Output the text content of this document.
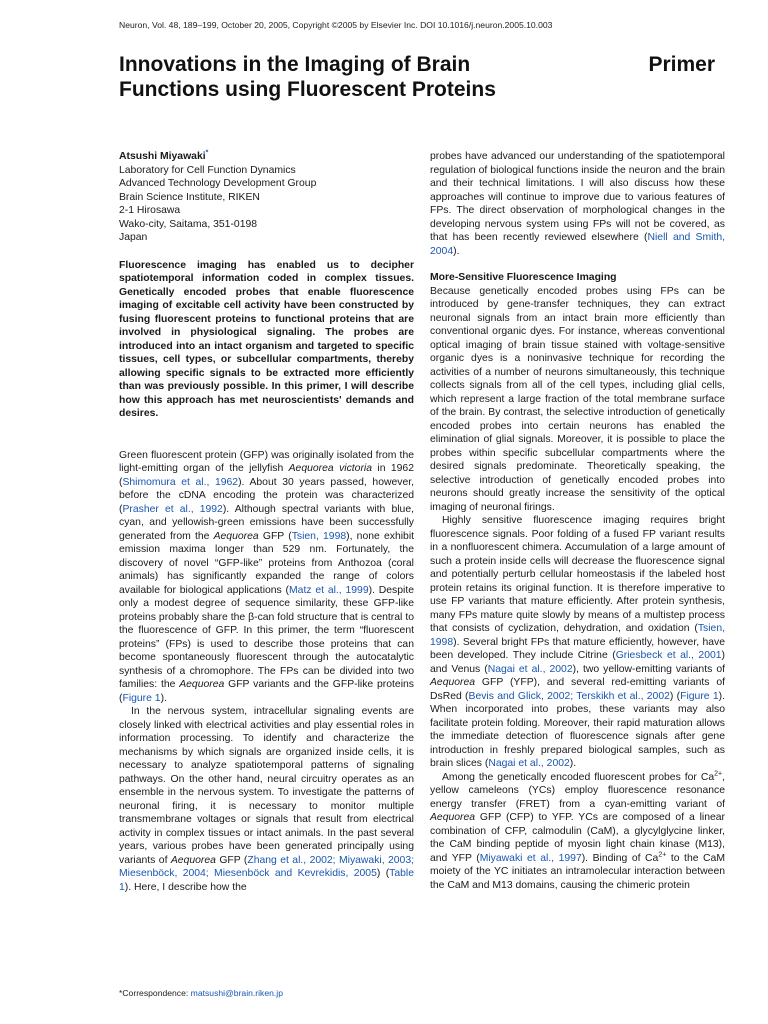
Neuron, Vol. 48, 189–199, October 20, 2005, Copyright ©2005 by Elsevier Inc. DOI 10.1016/j.neuron.2005.10.003
Innovations in the Imaging of Brain
Functions using Fluorescent Proteins
Primer

Atsushi Miyawaki*

Laboratory for Cell Function Dynamics

Advanced Technology Development Group

Brain Science Institute, RIKEN

2-1 Hirosawa

Wako-city, Saitama, 351-0198

Japan

Fluorescence imaging has enabled us to decipher spatiotemporal information coded in complex tissues. Genetically encoded probes that enable fluorescence imaging of excitable cell activity have been constructed by fusing fluorescent proteins to functional proteins that are involved in physiological signaling. The probes are introduced into an intact organism and targeted to specific tissues, cell types, or subcellular compartments, thereby allowing specific signals to be extracted more efficiently than was previously possible. In this primer, I will describe how this approach has met neuroscientists' demands and desires.

Green fluorescent protein (GFP) was originally isolated from the light-emitting organ of the jellyfish Aequorea victoria in 1962 (Shimomura et al., 1962). About 30 years passed, however, before the cDNA encoding the protein was characterized (Prasher et al., 1992). Although spectral variants with blue, cyan, and yellowish-green emissions have been successfully generated from the Aequorea GFP (Tsien, 1998), none exhibit emission maxima longer than 529 nm. Fortunately, the discovery of novel “GFP-like” proteins from Anthozoa (coral animals) has significantly expanded the range of colors available for biological applications (Matz et al., 1999). Despite only a modest degree of sequence similarity, these GFP-like proteins probably share the β-can fold structure that is central to the fluorescence of GFP. In this primer, the term “fluorescent proteins” (FPs) is used to describe those proteins that can become spontaneously fluorescent through the autocatalytic synthesis of a chromophore. The FPs can be divided into two families: the Aequorea GFP variants and the GFP-like proteins (Figure 1).

In the nervous system, intracellular signaling events are closely linked with electrical activities and play essential roles in information processing. To identify and characterize the mechanisms by which signals are organized inside cells, it is necessary to analyze spatiotemporal patterns of signaling pathways. On the other hand, neural circuitry operates as an ensemble in the nervous system. To investigate the patterns of neuronal firing, it is necessary to monitor multiple transmembrane voltages or signals that result from electrical activity in complex tissues or intact animals. In the past several years, various probes have been generated principally using variants of Aequorea GFP (Zhang et al., 2002; Miyawaki, 2003; Miesenböck, 2004; Miesenböck and Kevrekidis, 2005) (Table 1). Here, I describe how the

probes have advanced our understanding of the spatiotemporal regulation of biological functions inside the neuron and the brain and their technical limitations. I will also discuss how these approaches will continue to improve due to various features of FPs. The direct observation of morphological changes in the developing nervous system using FPs will not be covered, as that has been recently reviewed elsewhere (Niell and Smith, 2004).

More-Sensitive Fluorescence Imaging

Because genetically encoded probes using FPs can be introduced by gene-transfer techniques, they can extract neuronal signals from an intact brain more efficiently than conventional organic dyes. For instance, whereas conventional optical imaging of brain tissue stained with voltage-sensitive organic dyes is a noninvasive technique for recording the activities of a number of neurons simultaneously, this technique collects signals from all of the cell types, including glial cells, which represent a large fraction of the total membrane surface of the brain. By contrast, the selective introduction of genetically encoded probes into certain neurons has enabled the elimination of glial signals. Moreover, it is possible to place the probes within specific subcellular compartments where the desired signals predominate. Theoretically speaking, the selective introduction of genetically encoded probes into neurons should greatly increase the sensitivity of the optical imaging of neuronal firings.

Highly sensitive fluorescence imaging requires bright fluorescence signals. Poor folding of a fused FP variant results in a nonfluorescent chimera. Accumulation of a large amount of such a protein inside cells will decrease the fluorescence signal and potentially perturb cellular homeostasis if the labeled host protein retains its original function. It is therefore imperative to use FP variants that mature efficiently. After protein synthesis, many FPs mature quite slowly by means of a multistep process that consists of cyclization, dehydration, and oxidation (Tsien, 1998). Several bright FPs that mature efficiently, however, have been developed. They include Citrine (Griesbeck et al., 2001) and Venus (Nagai et al., 2002), two yellow-emitting variants of Aequorea GFP (YFP), and several red-emitting variants of DsRed (Bevis and Glick, 2002; Terskikh et al., 2002) (Figure 1). When incorporated into probes, these variants may also facilitate protein folding. Moreover, their rapid maturation allows the immediate detection of fluorescence signals after gene introduction in freshly prepared biological samples, such as brain slices (Nagai et al., 2002).

Among the genetically encoded fluorescent probes for $Ca^{2+}$, yellow cameleons (YCs) employ fluorescence resonance energy transfer (FRET) from a cyan-emitting variant of Aequorea GFP (CFP) to YFP. YCs are composed of a linear combination of CFP, calmodulin (CaM), a glycylglycine linker, the CaM binding peptide of myosin light chain kinase (M13), and YFP (Miyawaki et al., 1997). Binding of $Ca^{2+}$ to the CaM moiety of the YC initiates an intramolecular interaction between the CaM and M13 domains, causing the chimeric protein

*Correspondence: matsushi@brain.riken.jp
